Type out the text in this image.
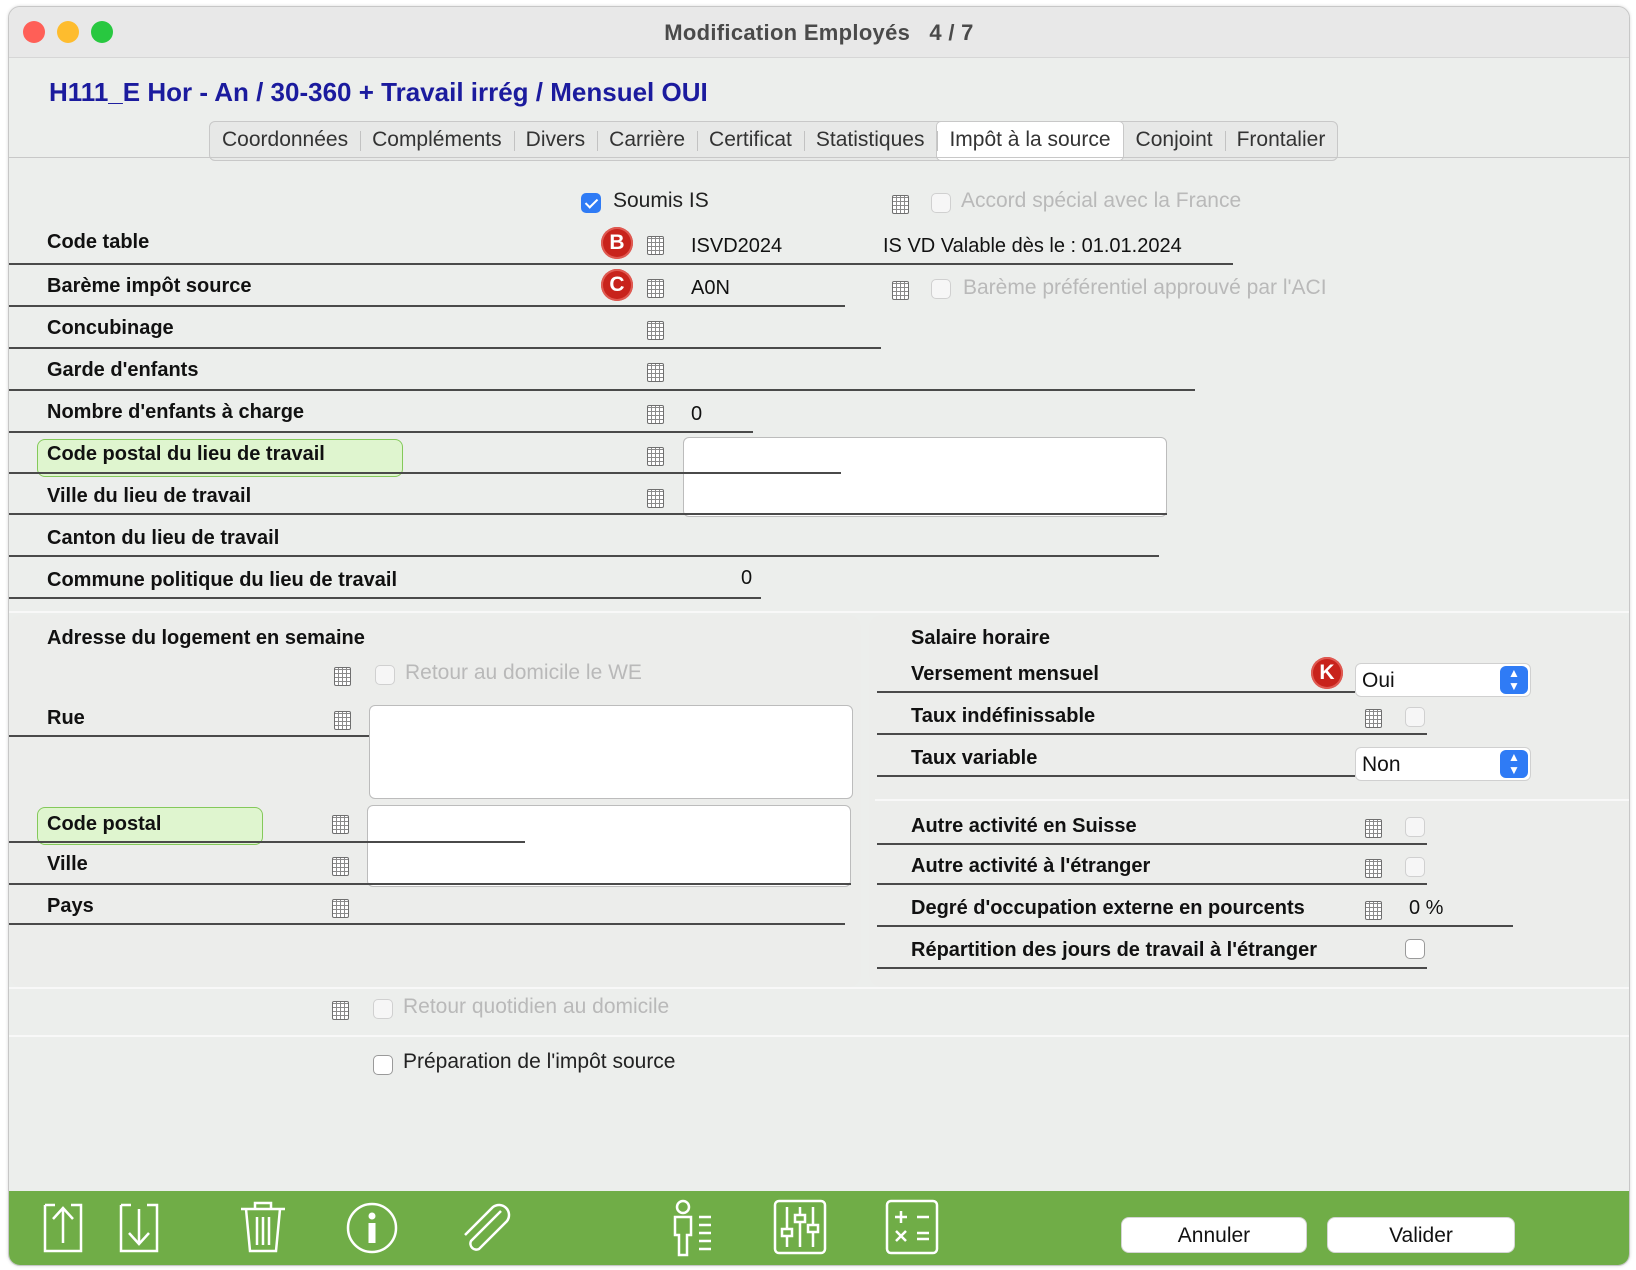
Modification Employés   4 / 7
H111_E Hor - An / 30-360 + Travail irrég / Mensuel OUI
Coordonnées	Compléments	Divers	Carrière	Certificat	Statistiques	Impôt à la source	Conjoint	Frontalier
Soumis IS	Accord spécial avec la France
Code table	B	ISVD2024	IS VD Valable dès le : 01.01.2024
Barème impôt source	C	A0N	Barème préférentiel approuvé par l'ACI
Concubinage
Garde d'enfants
Nombre d'enfants à charge	0
Code postal du lieu de travail
Ville du lieu de travail
Canton du lieu de travail
Commune politique du lieu de travail	0
Adresse du logement en semaine
Retour au domicile le WE
Rue
Code postal
Ville
Pays
Salaire horaire
Versement mensuel	K	Oui	▲
▼
Taux indéfinissable
Taux variable	Non	▲
▼
Autre activité en Suisse
Autre activité à l'étranger
Degré d'occupation externe en pourcents	0 %
Répartition des jours de travail à l'étranger
Retour quotidien au domicile
Préparation de l'impôt source
Annuler	Valider
